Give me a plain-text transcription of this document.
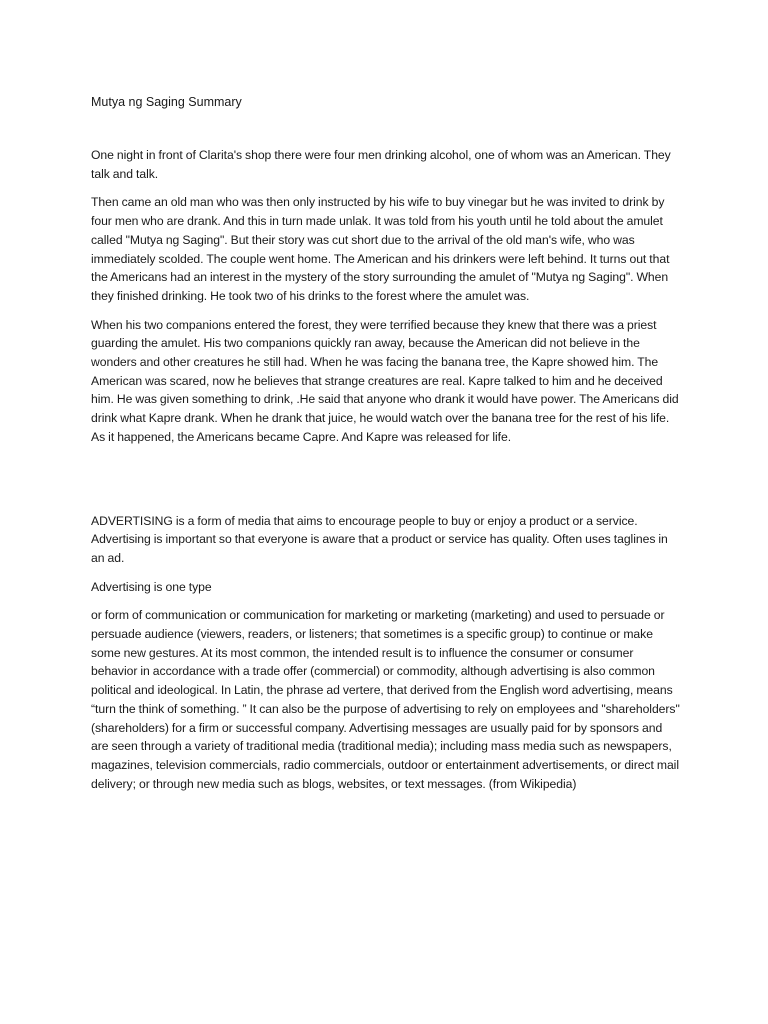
Mutya ng Saging Summary

One night in front of Clarita's shop there were four men drinking alcohol, one of whom was an American. They talk and talk.

Then came an old man who was then only instructed by his wife to buy vinegar but he was invited to drink by four men who are drank. And this in turn made unlak. It was told from his youth until he told about the amulet called "Mutya ng Saging". But their story was cut short due to the arrival of the old man's wife, who was immediately scolded. The couple went home. The American and his drinkers were left behind. It turns out that the Americans had an interest in the mystery of the story surrounding the amulet of "Mutya ng Saging". When they finished drinking. He took two of his drinks to the forest where the amulet was.

When his two companions entered the forest, they were terrified because they knew that there was a priest guarding the amulet. His two companions quickly ran away, because the American did not believe in the wonders and other creatures he still had. When he was facing the banana tree, the Kapre showed him. The American was scared, now he believes that strange creatures are real. Kapre talked to him and he deceived him. He was given something to drink, .He said that anyone who drank it would have power. The Americans did drink what Kapre drank. When he drank that juice, he would watch over the banana tree for the rest of his life. As it happened, the Americans became Capre. And Kapre was released for life.

ADVERTISING is a form of media that aims to encourage people to buy or enjoy a product or a service. Advertising is important so that everyone is aware that a product or service has quality. Often uses taglines in an ad.

Advertising is one type

or form of communication or communication for marketing or marketing (marketing) and used to persuade or persuade audience (viewers, readers, or listeners; that sometimes is a specific group) to continue or make some new gestures. At its most common, the intended result is to influence the consumer or consumer behavior in accordance with a trade offer (commercial) or commodity, although advertising is also common political and ideological. In Latin, the phrase ad vertere, that derived from the English word advertising, means “turn the think of something. ” It can also be the purpose of advertising to rely on employees and "shareholders" (shareholders) for a firm or successful company. Advertising messages are usually paid for by sponsors and are seen through a variety of traditional media (traditional media); including mass media such as newspapers, magazines, television commercials, radio commercials, outdoor or entertainment advertisements, or direct mail delivery; or through new media such as blogs, websites, or text messages. (from Wikipedia)
